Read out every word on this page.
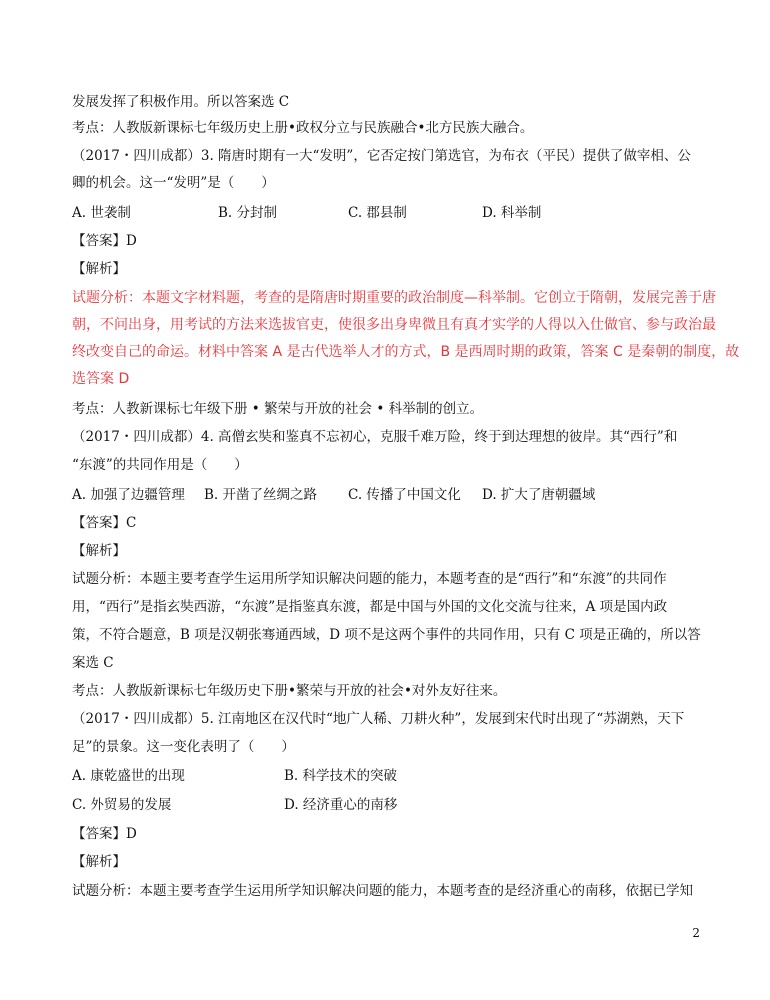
发展发挥了积极作用。所以答案选 C
考点：人教版新课标七年级历史上册•政权分立与民族融合•北方民族大融合。
（2017・四川成都）3. 隋唐时期有一大“发明”，它否定按门第选官，为布衣（平民）提供了做宰相、公
卿的机会。这一“发明”是（　　）
A. 世袭制	B. 分封制	C. 郡县制	D. 科举制
【答案】D
【解析】
试题分析：本题文字材料题，考查的是隋唐时期重要的政治制度—科举制。它创立于隋朝，发展完善于唐
朝，不问出身，用考试的方法来选拔官吏，使很多出身卑微且有真才实学的人得以入仕做官、参与政治最
终改变自己的命运。材料中答案 A 是古代选举人才的方式，B 是西周时期的政策，答案 C 是秦朝的制度，故
选答案 D
考点：人教新课标七年级下册 • 繁荣与开放的社会 • 科举制的创立。
（2017・四川成都）4. 高僧玄奘和鉴真不忘初心，克服千难万险，终于到达理想的彼岸。其“西行”和
“东渡”的共同作用是（　　）
A. 加强了边疆管理 B. 开凿了丝绸之路 C. 传播了中国文化 D. 扩大了唐朝疆域
【答案】C
【解析】
试题分析：本题主要考查学生运用所学知识解决问题的能力，本题考查的是“西行”和“东渡”的共同作
用，“西行”是指玄奘西游，“东渡”是指鉴真东渡，都是中国与外国的文化交流与往来，A 项是国内政
策，不符合题意，B 项是汉朝张骞通西域，D 项不是这两个事件的共同作用，只有 C 项是正确的，所以答
案选 C
考点：人教版新课标七年级历史下册•繁荣与开放的社会•对外友好往来。
（2017・四川成都）5. 江南地区在汉代时“地广人稀、刀耕火种”，发展到宋代时出现了“苏湖熟，天下
足”的景象。这一变化表明了（　　）
A. 康乾盛世的出现	B. 科学技术的突破
C. 外贸易的发展	D. 经济重心的南移
【答案】D
【解析】
试题分析：本题主要考查学生运用所学知识解决问题的能力，本题考查的是经济重心的南移，依据已学知
2
